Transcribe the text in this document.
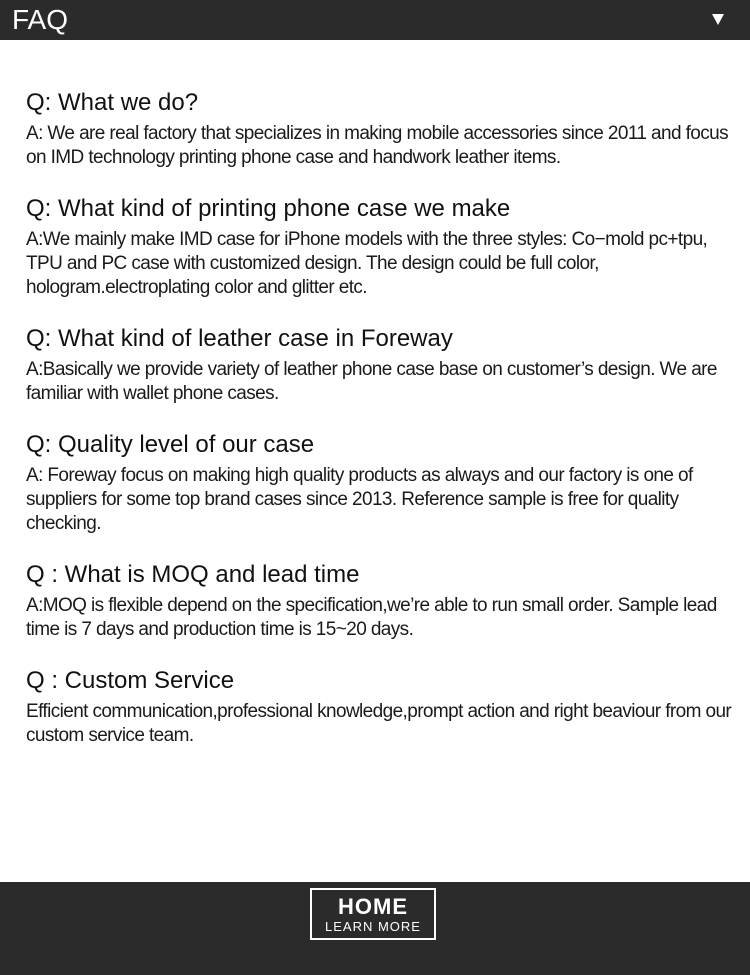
FAQ
Q: What we do?

A: We are real factory that specializes in making mobile accessories since 2011 and focus on IMD technology printing phone case and handwork leather items.

Q: What kind of printing phone case we make

A:We mainly make IMD case for iPhone models with the three styles: Co−mold pc+tpu, TPU and PC case with customized design. The design could be full color, hologram.electroplating color and glitter etc.

Q: What kind of leather case in Foreway

A:Basically we provide variety of leather phone case base on customer’s design. We are familiar with wallet phone cases.

Q: Quality level of our case

A: Foreway focus on making high quality products as always and our factory is one of suppliers for some top brand cases since 2013. Reference sample is free for quality checking.

Q : What is MOQ and lead time

A:MOQ is flexible depend on the specification,we’re able to run small order. Sample lead time is 7 days and production time is 15~20 days.

Q : Custom Service

Efficient communication,professional knowledge,prompt action and right beaviour from our custom service team.

HOME
LEARN MORE
